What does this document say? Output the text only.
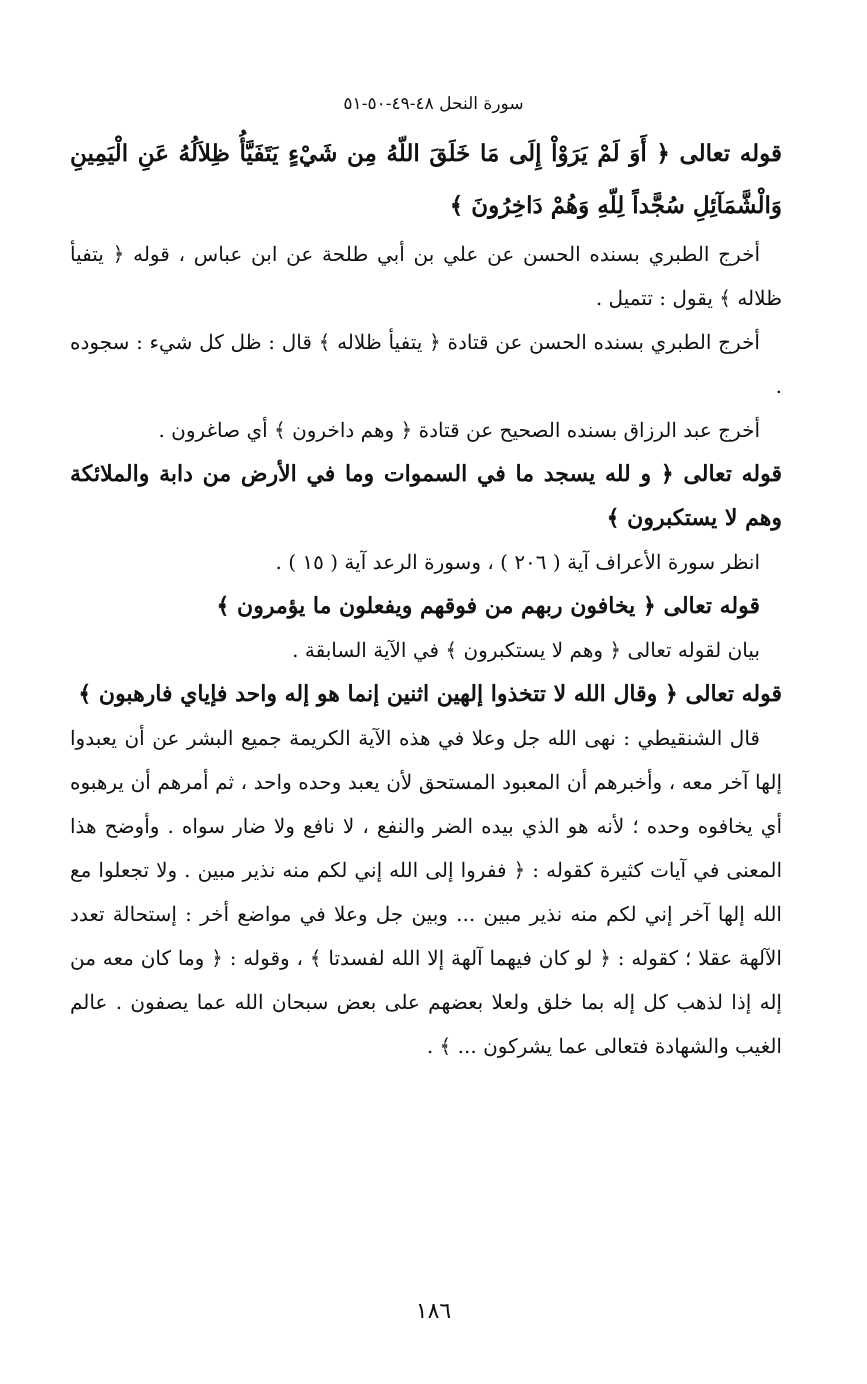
سورة النحل ٤٨-٤٩-٥٠-٥١

قوله تعالى ﴿ أَوَ لَمْ يَرَوْاْ إِلَى مَا خَلَقَ اللّهُ مِن شَيْءٍ يَتَفَيَّأُ ظِلاَلُهُ عَنِ الْيَمِينِ وَالْشَّمَآئِلِ سُجَّداً لِلّهِ وَهُمْ دَاخِرُونَ ﴾

أخرج الطبري بسنده الحسن عن علي بن أبي طلحة عن ابن عباس ، قوله ﴿ يتفيأ ظلاله ﴾ يقول : تتميل .

أخرج الطبري بسنده الحسن عن قتادة ﴿ يتفيأ ظلاله ﴾ قال : ظل كل شيء : سجوده .

أخرج عبد الرزاق بسنده الصحيح عن قتادة ﴿ وهم داخرون ﴾ أي صاغرون .

قوله تعالى ﴿ و لله يسجد ما في السموات وما في الأرض من دابة والملائكة وهم لا يستكبرون ﴾

انظر سورة الأعراف آية ( ٢٠٦ ) ، وسورة الرعد آية ( ١٥ ) .

قوله تعالى ﴿ يخافون ربهم من فوقهم ويفعلون ما يؤمرون ﴾

بيان لقوله تعالى ﴿ وهم لا يستكبرون ﴾ في الآية السابقة .

قوله تعالى ﴿ وقال الله لا تتخذوا إلهين اثنين إنما هو إله واحد فإياي فارهبون ﴾

قال الشنقيطي : نهى الله جل وعلا في هذه الآية الكريمة جميع البشر عن أن يعبدوا إلها آخر معه ، وأخبرهم أن المعبود المستحق لأن يعبد وحده واحد ، ثم أمرهم أن يرهبوه أي يخافوه وحده ؛ لأنه هو الذي بيده الضر والنفع ، لا نافع ولا ضار سواه . وأوضح هذا المعنى في آيات كثيرة كقوله : ﴿ ففروا إلى الله إني لكم منه نذير مبين . ولا تجعلوا مع الله إلها آخر إني لكم منه نذير مبين ... وبين جل وعلا في مواضع أخر : إستحالة تعدد الآلهة عقلا ؛ كقوله : ﴿ لو كان فيهما آلهة إلا الله لفسدتا ﴾ ، وقوله : ﴿ وما كان معه من إله إذا لذهب كل إله بما خلق ولعلا بعضهم على بعض سبحان الله عما يصفون . عالم الغيب والشهادة فتعالى عما يشركون ... ﴾ .

١٨٦
